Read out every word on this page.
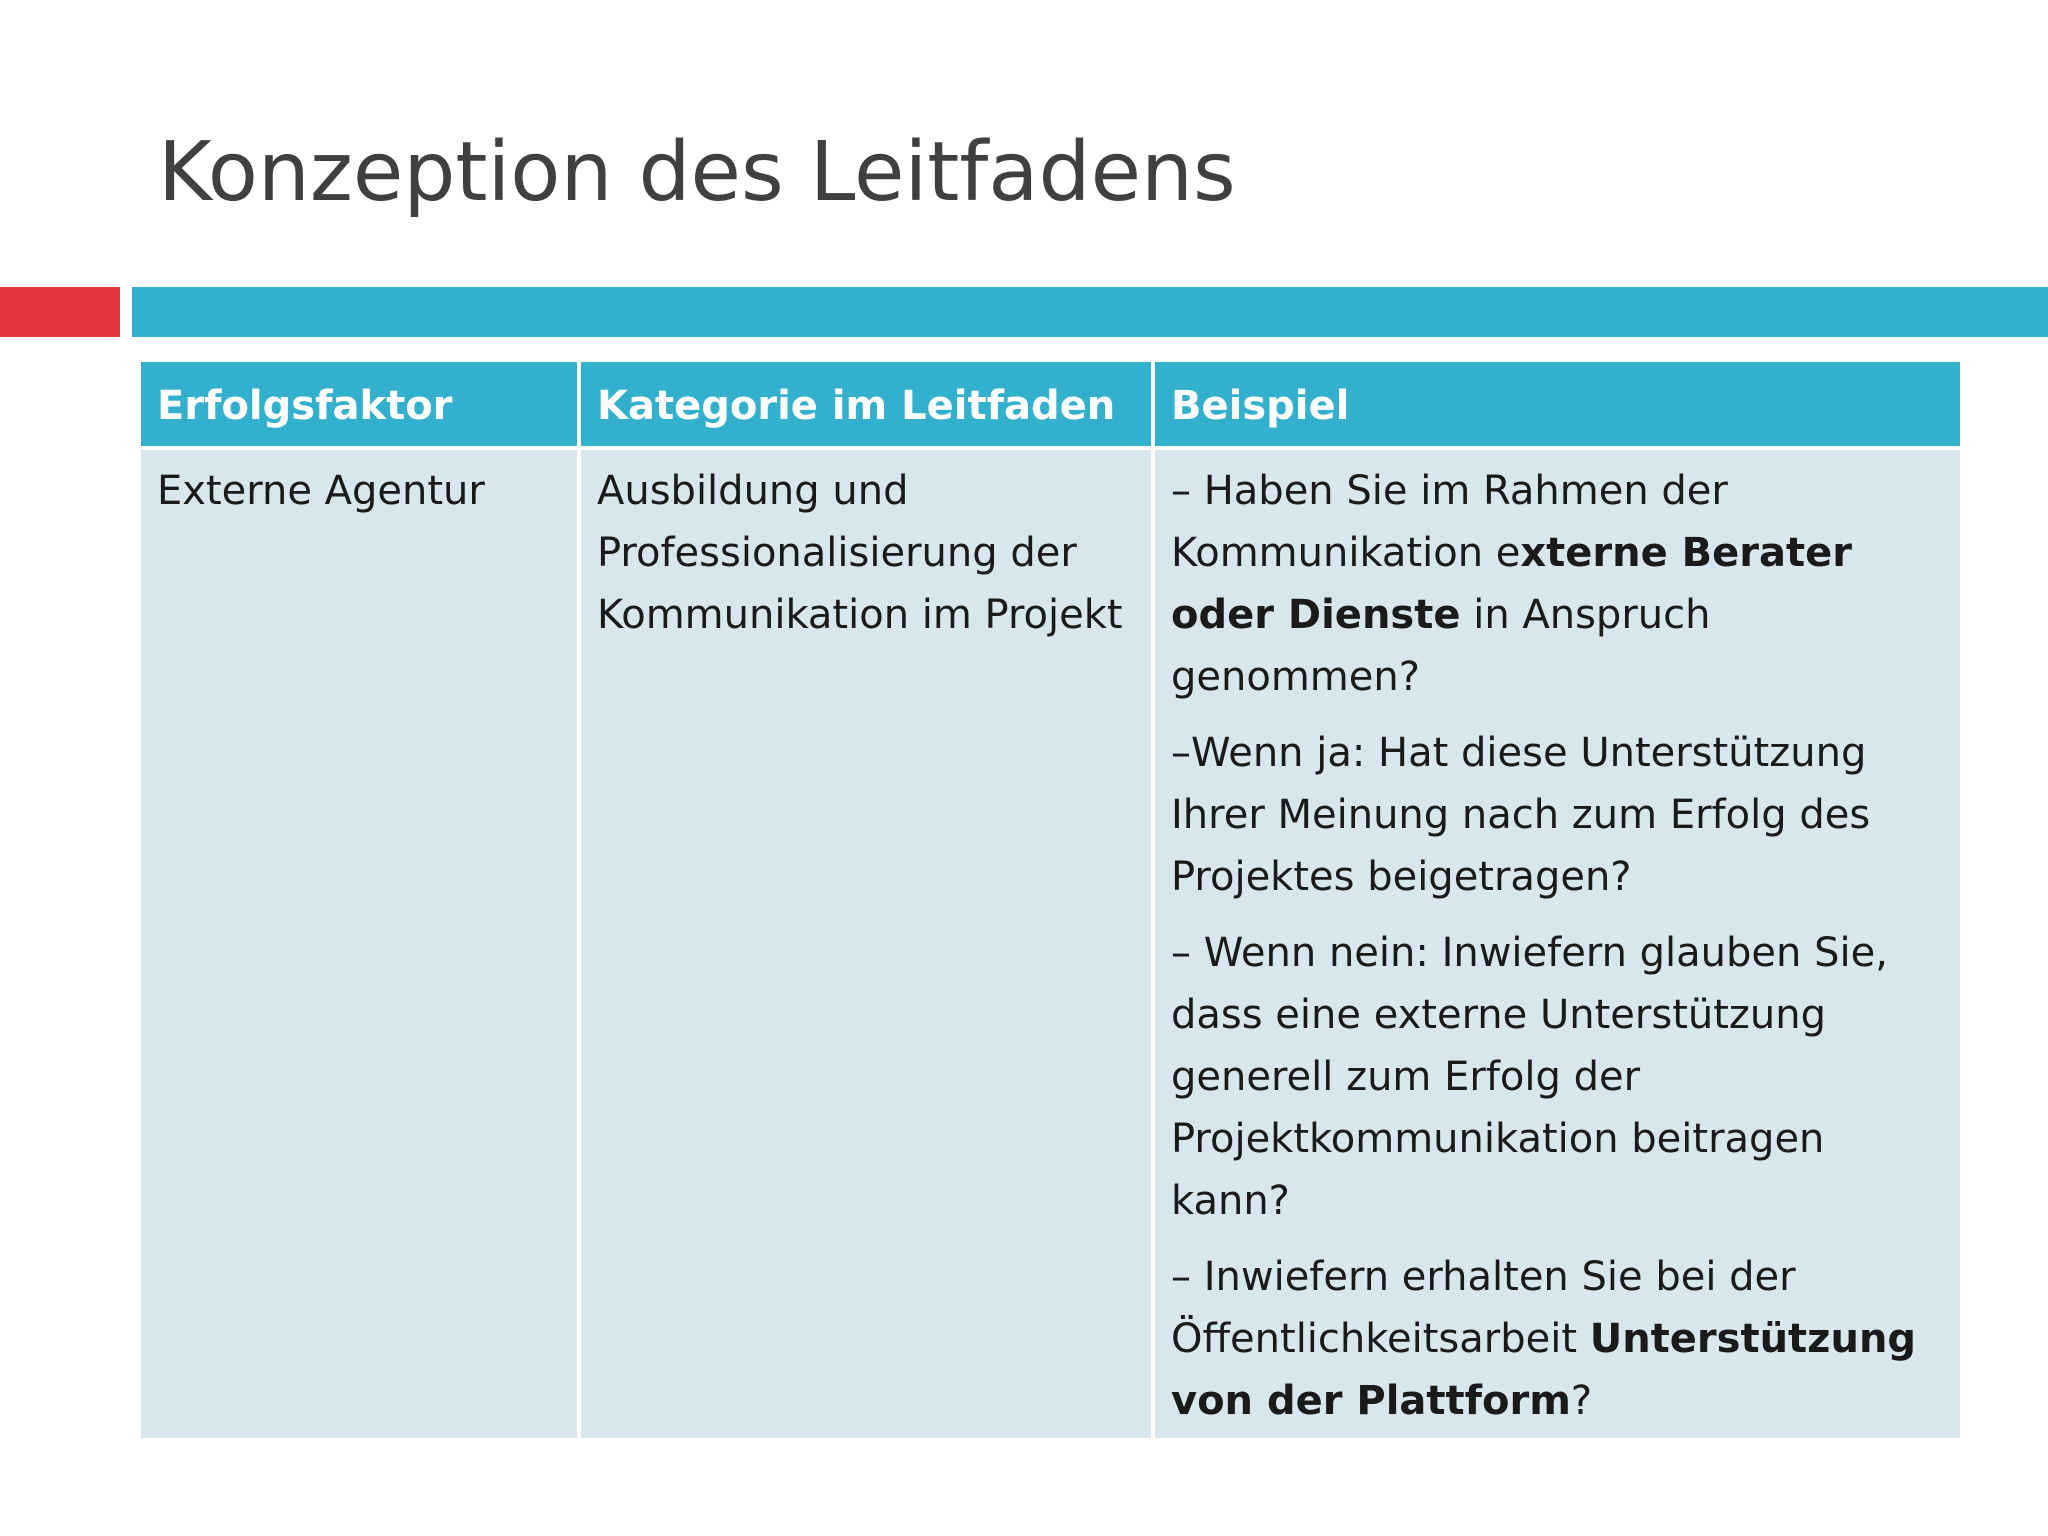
Konzeption des Leitfadens
Erfolgsfaktor	Kategorie im Leitfaden	Beispiel
Externe Agentur	Ausbildung und Professionalisierung der Kommunikation im Projekt	– Haben Sie im Rahmen der Kommunikation externe Berater oder Dienste in Anspruch genommen?
–Wenn ja: Hat diese Unterstützung Ihrer Meinung nach zum Erfolg des Projektes beigetragen?
– Wenn nein: Inwiefern glauben Sie, dass eine externe Unterstützung generell zum Erfolg der Projektkommunikation beitragen kann?
– Inwiefern erhalten Sie bei der Öffentlichkeitsarbeit Unterstützung von der Plattform?
